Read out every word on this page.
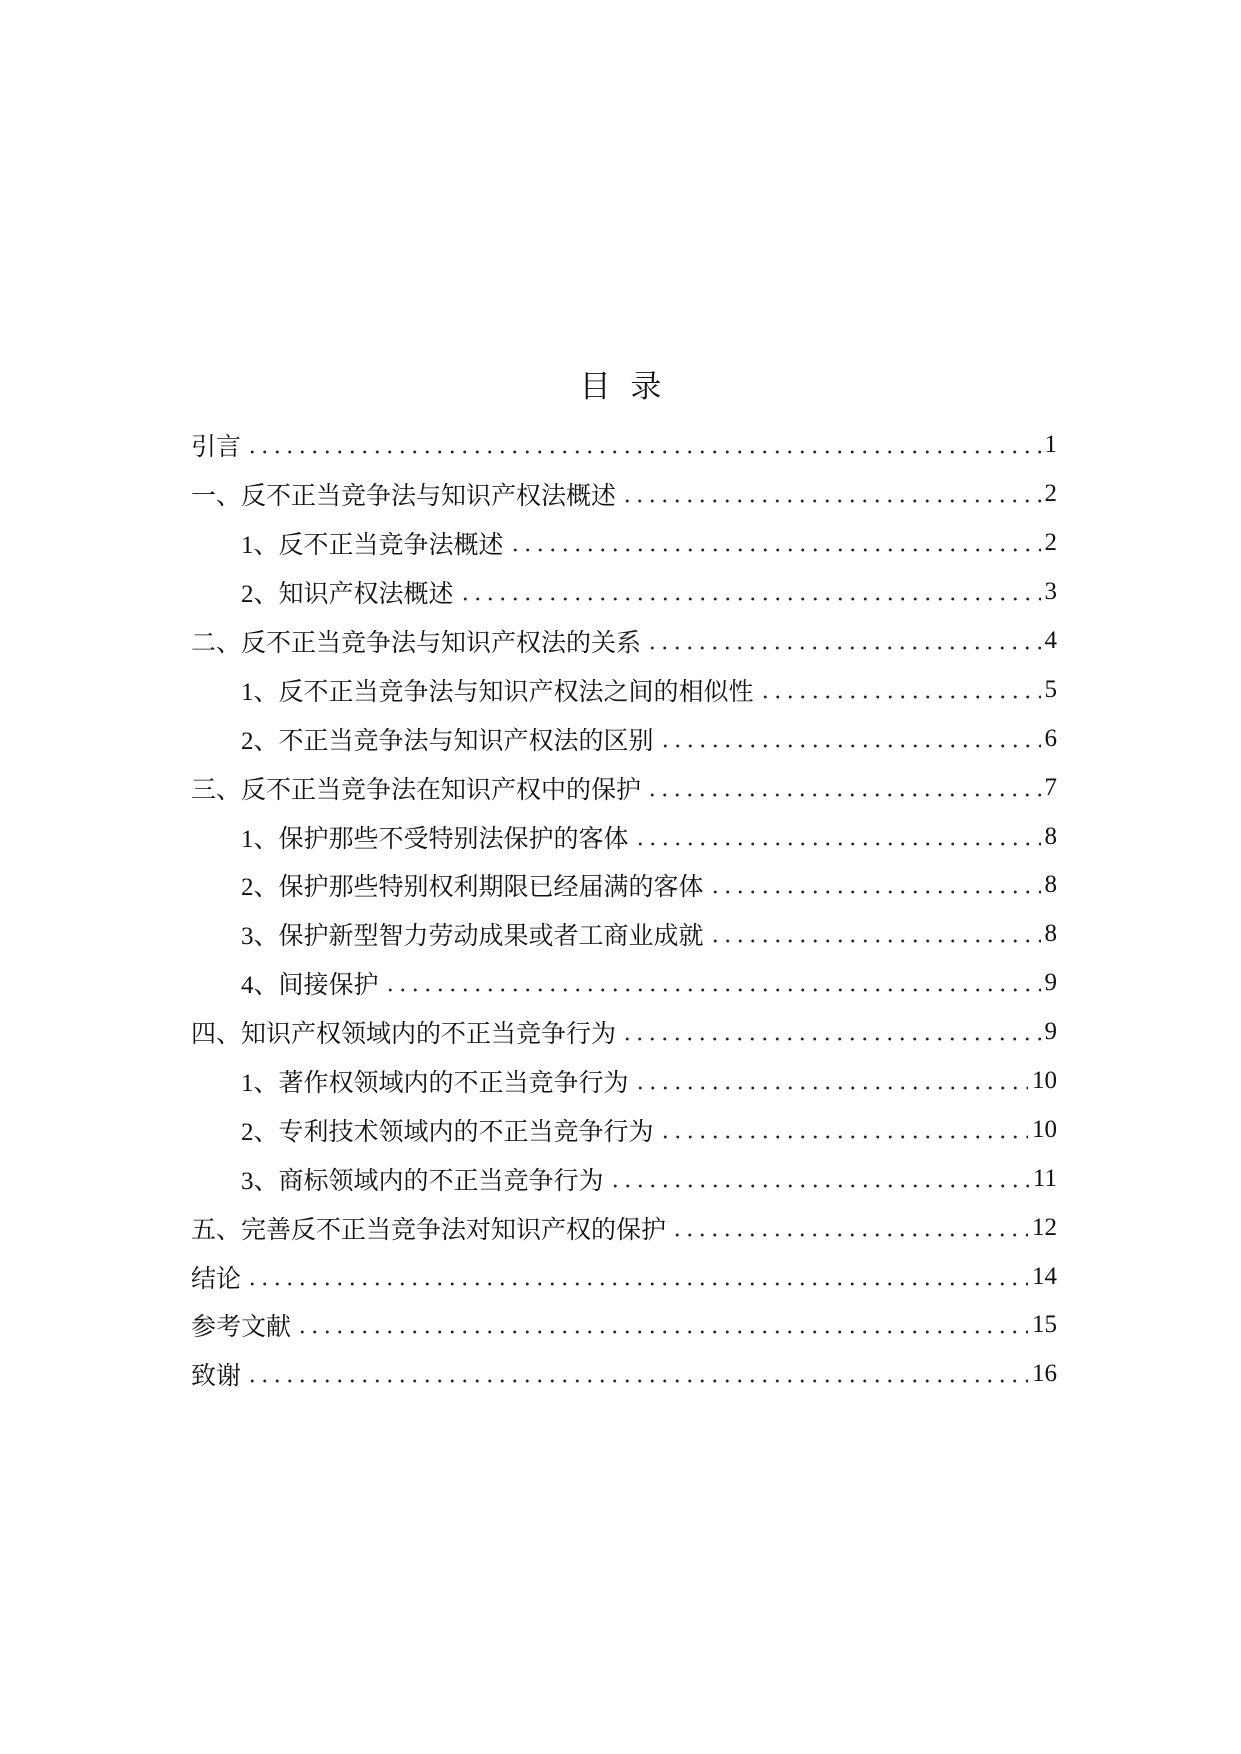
目 录
引言	1
一、反不正当竞争法与知识产权法概述	2
1、反不正当竞争法概述	2
2、知识产权法概述	3
二、反不正当竞争法与知识产权法的关系	4
1、反不正当竞争法与知识产权法之间的相似性	5
2、不正当竞争法与知识产权法的区别	6
三、反不正当竞争法在知识产权中的保护	7
1、保护那些不受特别法保护的客体	8
2、保护那些特别权利期限已经届满的客体	8
3、保护新型智力劳动成果或者工商业成就	8
4、间接保护	9
四、知识产权领域内的不正当竞争行为	9
1、著作权领域内的不正当竞争行为	10
2、专利技术领域内的不正当竞争行为	10
3、商标领域内的不正当竞争行为	11
五、完善反不正当竞争法对知识产权的保护	12
结论	14
参考文献	15
致谢	16
